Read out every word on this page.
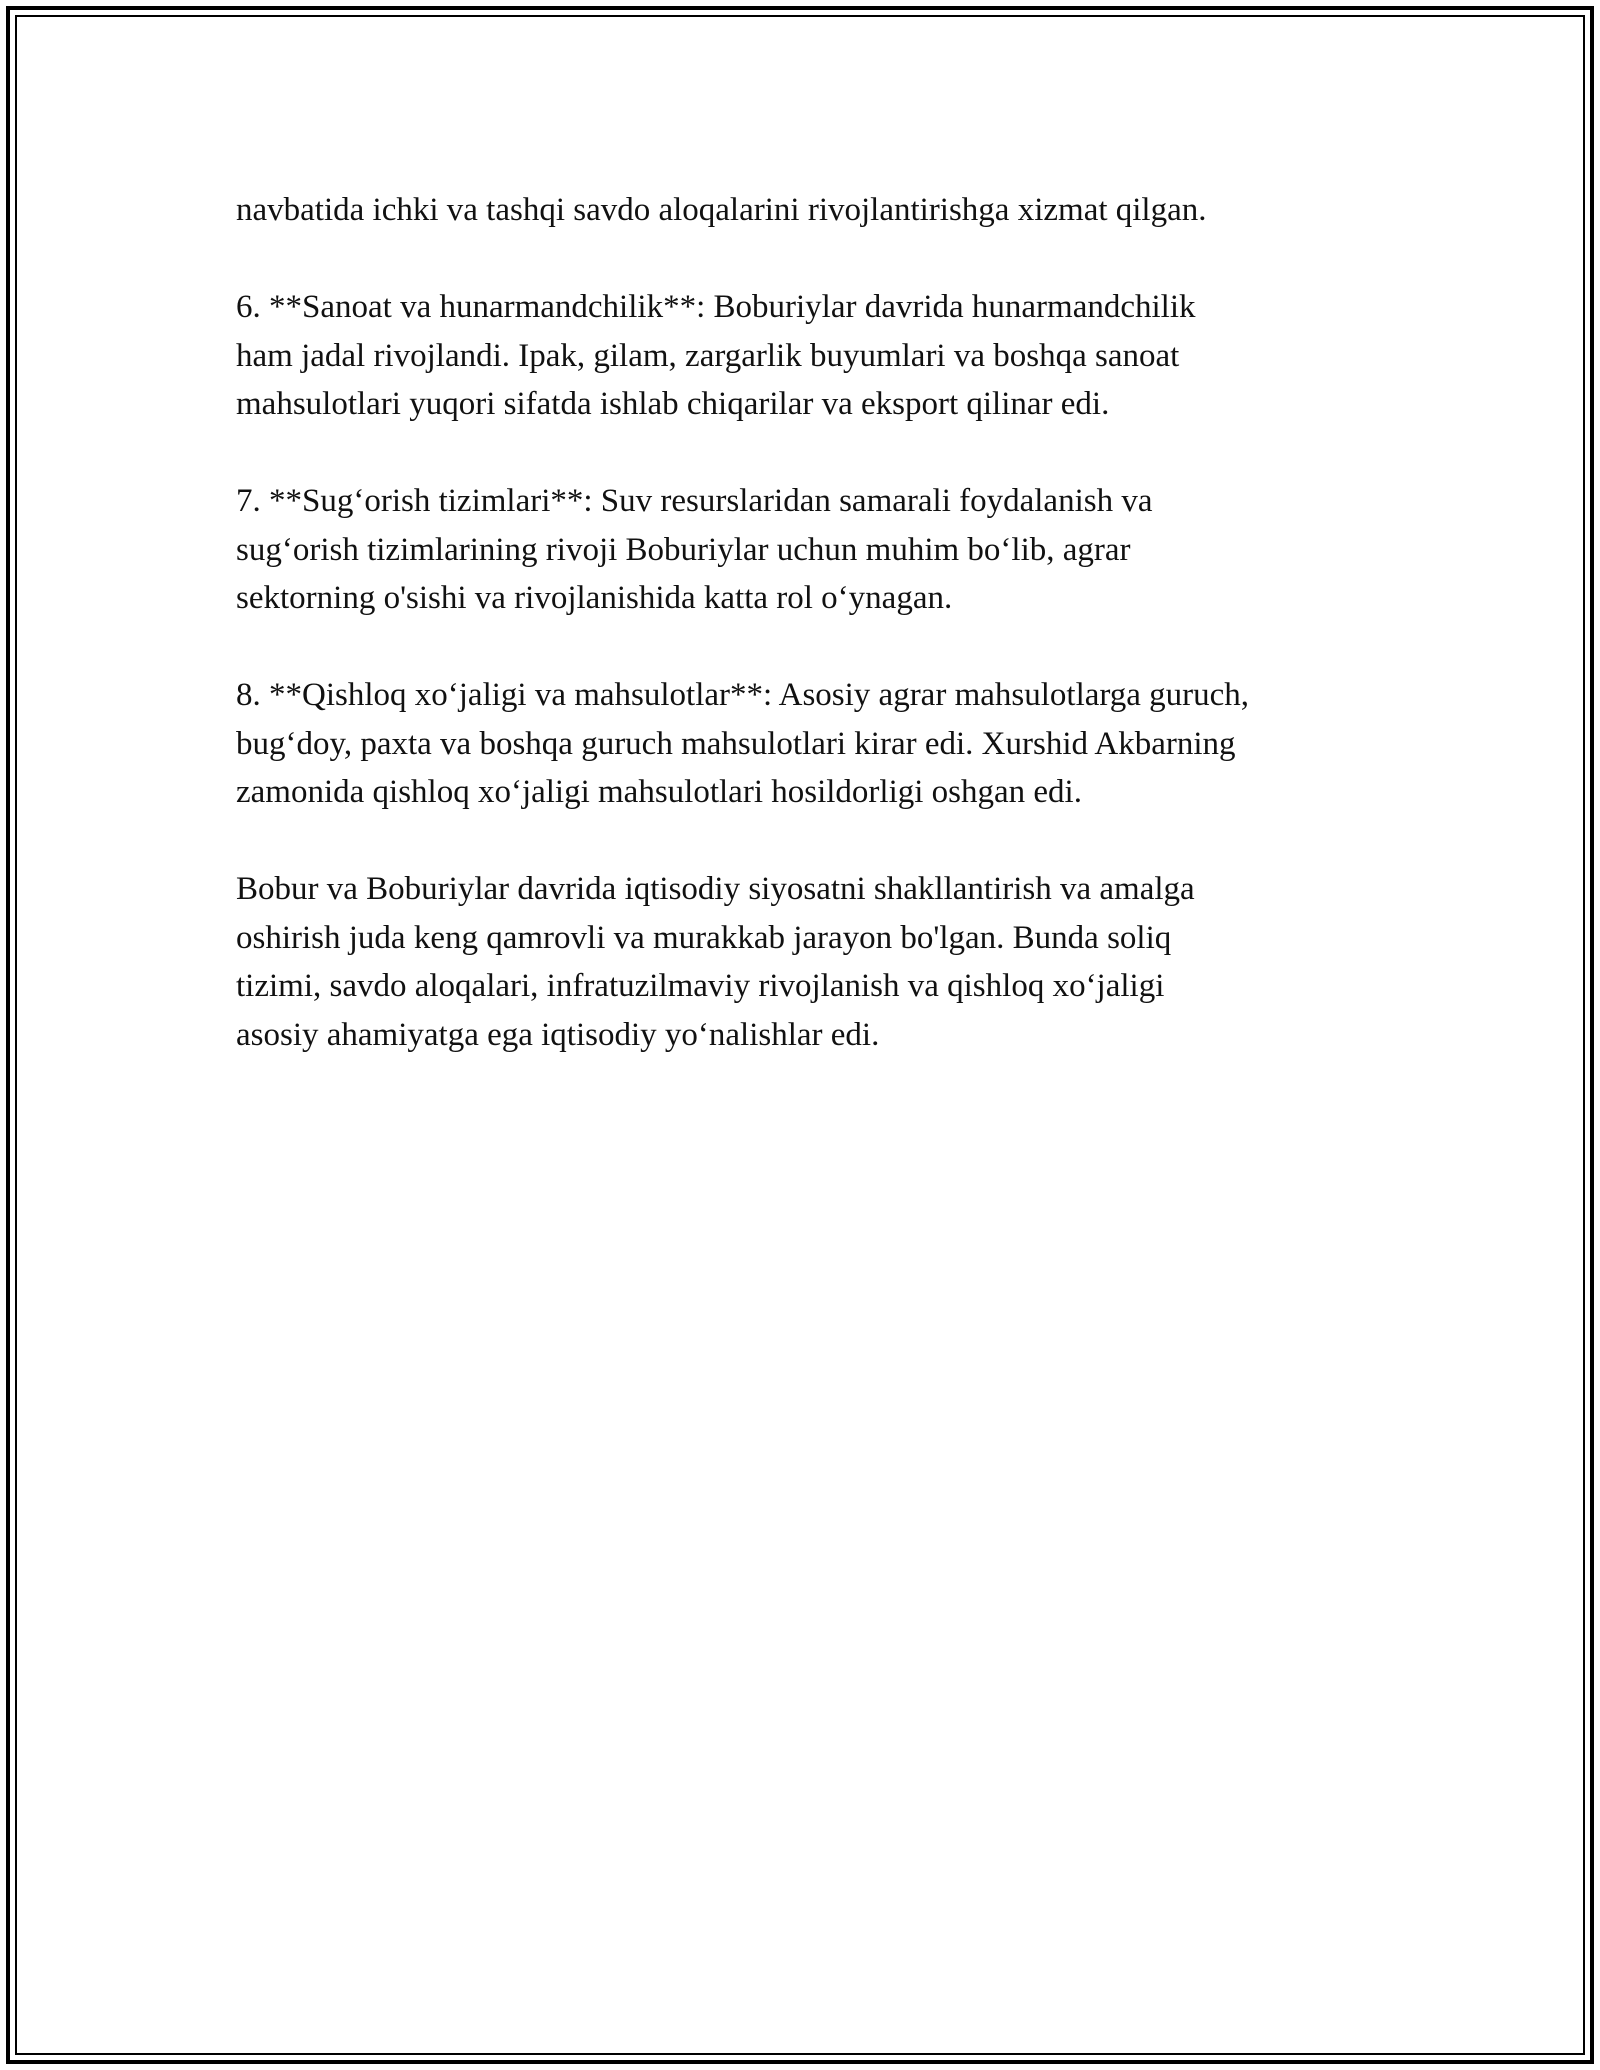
navbatida ichki va tashqi savdo aloqalarini rivojlantirishga xizmat qilgan.

6. **Sanoat va hunarmandchilik**: Boburiylar davrida hunarmandchilik
ham jadal rivojlandi. Ipak, gilam, zargarlik buyumlari va boshqa sanoat
mahsulotlari yuqori sifatda ishlab chiqarilar va eksport qilinar edi.

7. **Sug‘orish tizimlari**: Suv resurslaridan samarali foydalanish va
sug‘orish tizimlarining rivoji Boburiylar uchun muhim bo‘lib, agrar
sektorning o'sishi va rivojlanishida katta rol o‘ynagan.

8. **Qishloq xo‘jaligi va mahsulotlar**: Asosiy agrar mahsulotlarga guruch,
bug‘doy, paxta va boshqa guruch mahsulotlari kirar edi. Xurshid Akbarning
zamonida qishloq xo‘jaligi mahsulotlari hosildorligi oshgan edi.

Bobur va Boburiylar davrida iqtisodiy siyosatni shakllantirish va amalga
oshirish juda keng qamrovli va murakkab jarayon bo'lgan. Bunda soliq
tizimi, savdo aloqalari, infratuzilmaviy rivojlanish va qishloq xo‘jaligi
asosiy ahamiyatga ega iqtisodiy yo‘nalishlar edi.
